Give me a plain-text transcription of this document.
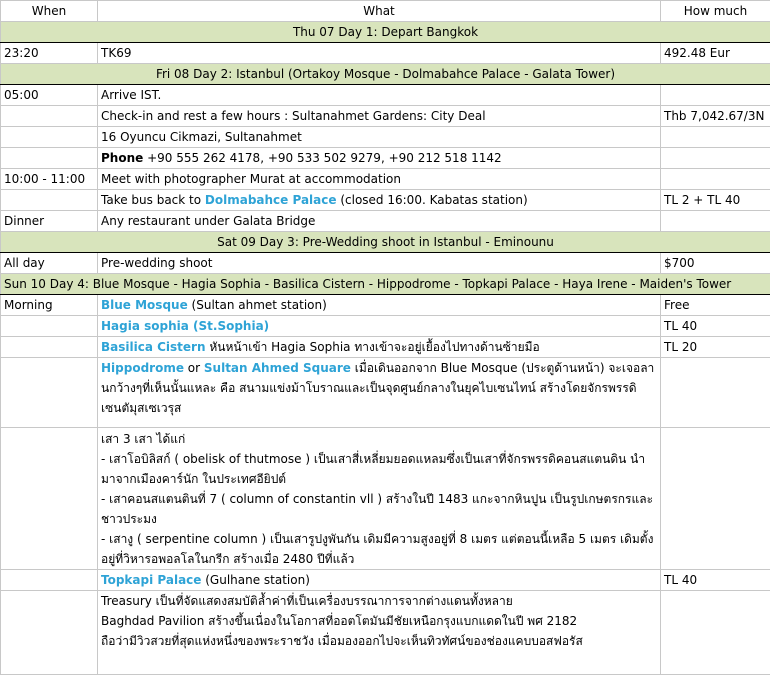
When	What	How much
Thu 07 Day 1: Depart Bangkok		
23:20	TK69	492.48 Eur
Fri 08 Day 2: Istanbul (Ortakoy Mosque - Dolmabahce Palace - Galata Tower)		
05:00	Arrive IST.	
	Check-in and rest a few hours : Sultanahmet Gardens: City Deal	Thb 7,042.67/3N
	16 Oyuncu Cikmazi, Sultanahmet	
	Phone +90 555 262 4178, +90 533 502 9279, +90 212 518 1142	
10:00 - 11:00	Meet with photographer Murat at accommodation	
	Take bus back to Dolmabahce Palace (closed 16:00. Kabatas station)	TL 2 + TL 40
Dinner	Any restaurant under Galata Bridge	
Sat 09 Day 3: Pre-Wedding shoot in Istanbul - Eminounu		
All day	Pre-wedding shoot	$700
Sun 10 Day 4: Blue Mosque - Hagia Sophia - Basilica Cistern - Hippodrome - Topkapi Palace - Haya Irene - Maiden's Tower		
Morning	Blue Mosque (Sultan ahmet station)	Free
	Hagia sophia (St.Sophia)	TL 40
	Basilica Cistern หันหน้าเข้า Hagia Sophia ทางเข้าจะอยู่เยื้องไปทางด้านซ้ายมือ	TL 20
	Hippodrome or Sultan Ahmed Square เมื่อเดินออกจาก Blue Mosque (ประตูด้านหน้า) จะเจอลานกว้างๆที่เห็นนั้นแหละ คือ สนามแข่งม้าโบราณและเป็นจุดศูนย์กลางในยุคไบเซนไทน์ สร้างโดยจักรพรรดิเซนตัมุสเซเวรุส	

	เสา 3 เสา ได้แก่
- เสาโอบิลิสก์ ( obelisk of thutmose ) เป็นเสาสี่เหลี่ยมยอดแหลมซึ่งเป็นเสาที่จักรพรรดิคอนสแตนดิน นำมาจากเมืองคาร์นัก ในประเทศอียิปต์
- เสาคอนสแตนตินที่ 7 ( column of constantin vll ) สร้างในปี 1483 แกะจากหินปูน เป็นรูปเกษตรกรและชาวประมง
- เสางู ( serpentine column ) เป็นเสารูปงูพันกัน เดิมมีความสูงอยู่ที่ 8 เมตร แต่ตอนนี้เหลือ 5 เมตร เดิมตั้งอยู่ที่วิหารอพอลโลในกรีก สร้างเมื่อ 2480 ปีที่แล้ว	

	Topkapi Palace (Gulhane station)	TL 40

	Treasury เป็นที่จัดแสดงสมบัติล้ำค่าที่เป็นเครื่องบรรณาการจากต่างแดนทั้งหลาย
Baghdad Pavilion สร้างขึ้นเนื่องในโอกาสที่ออตโตมันมีชัยเหนือกรุงแบกแดดในปี พศ 2182
ถือว่ามีวิวสวยที่สุดแห่งหนึ่งของพระราชวัง เมื่อมองออกไปจะเห็นทิวทัศน์ของช่องแคบบอสฟอรัส	
